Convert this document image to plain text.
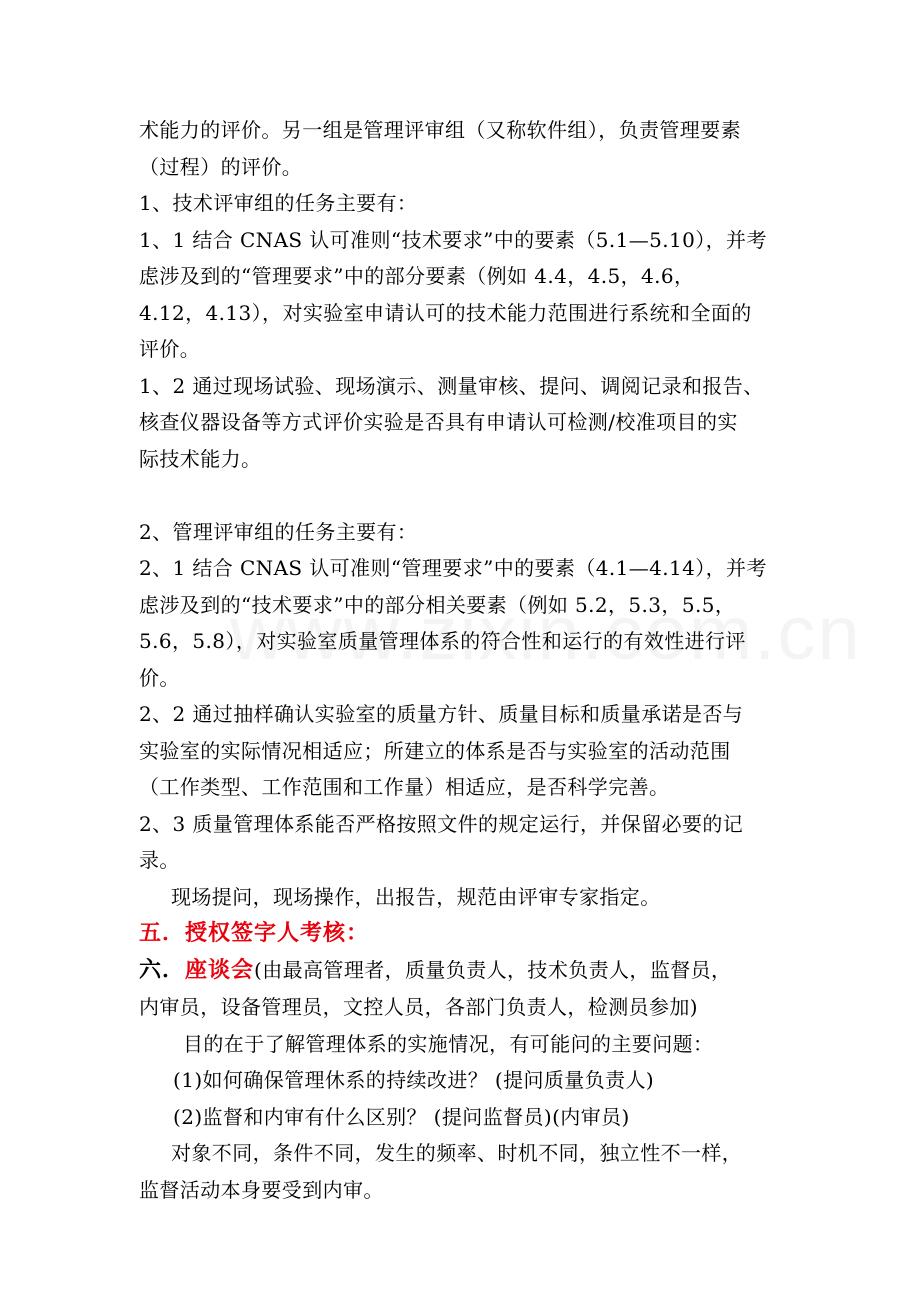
术能力的评价。另一组是管理评审组（又称软件组），负责管理要素
（过程）的评价。
1、技术评审组的任务主要有：
1、1 结合 CNAS 认可准则“技术要求”中的要素（5.1—5.10），并考
虑涉及到的“管理要求”中的部分要素（例如 4.4，4.5，4.6，
4.12，4.13），对实验室申请认可的技术能力范围进行系统和全面的
评价。
1、2 通过现场试验、现场演示、测量审核、提问、调阅记录和报告、
核查仪器设备等方式评价实验是否具有申请认可检测/校准项目的实
际技术能力。
2、管理评审组的任务主要有：
2、1 结合 CNAS 认可准则“管理要求”中的要素（4.1—4.14），并考
虑涉及到的“技术要求”中的部分相关要素（例如 5.2，5.3，5.5，
5.6，5.8），对实验室质量管理体系的符合性和运行的有效性进行评
价。
2、2 通过抽样确认实验室的质量方针、质量目标和质量承诺是否与
实验室的实际情况相适应；所建立的体系是否与实验室的活动范围
（工作类型、工作范围和工作量）相适应，是否科学完善。
2、3 质量管理体系能否严格按照文件的规定运行，并保留必要的记
录。
现场提问，现场操作，出报告，规范由评审专家指定。
五．授权签字人考核：
六．座谈会(由最高管理者，质量负责人，技术负责人，监督员，
内审员，设备管理员，文控人员，各部门负责人，检测员参加)
目的在于了解管理体系的实施情况，有可能问的主要问题：
(1)如何确保管理休系的持续改进？ (提问质量负责人)
(2)监督和内审有什么区别？ (提问监督员)(内审员)
对象不同，条件不同，发生的频率、时机不同，独立性不一样，
监督活动本身要受到内审。
